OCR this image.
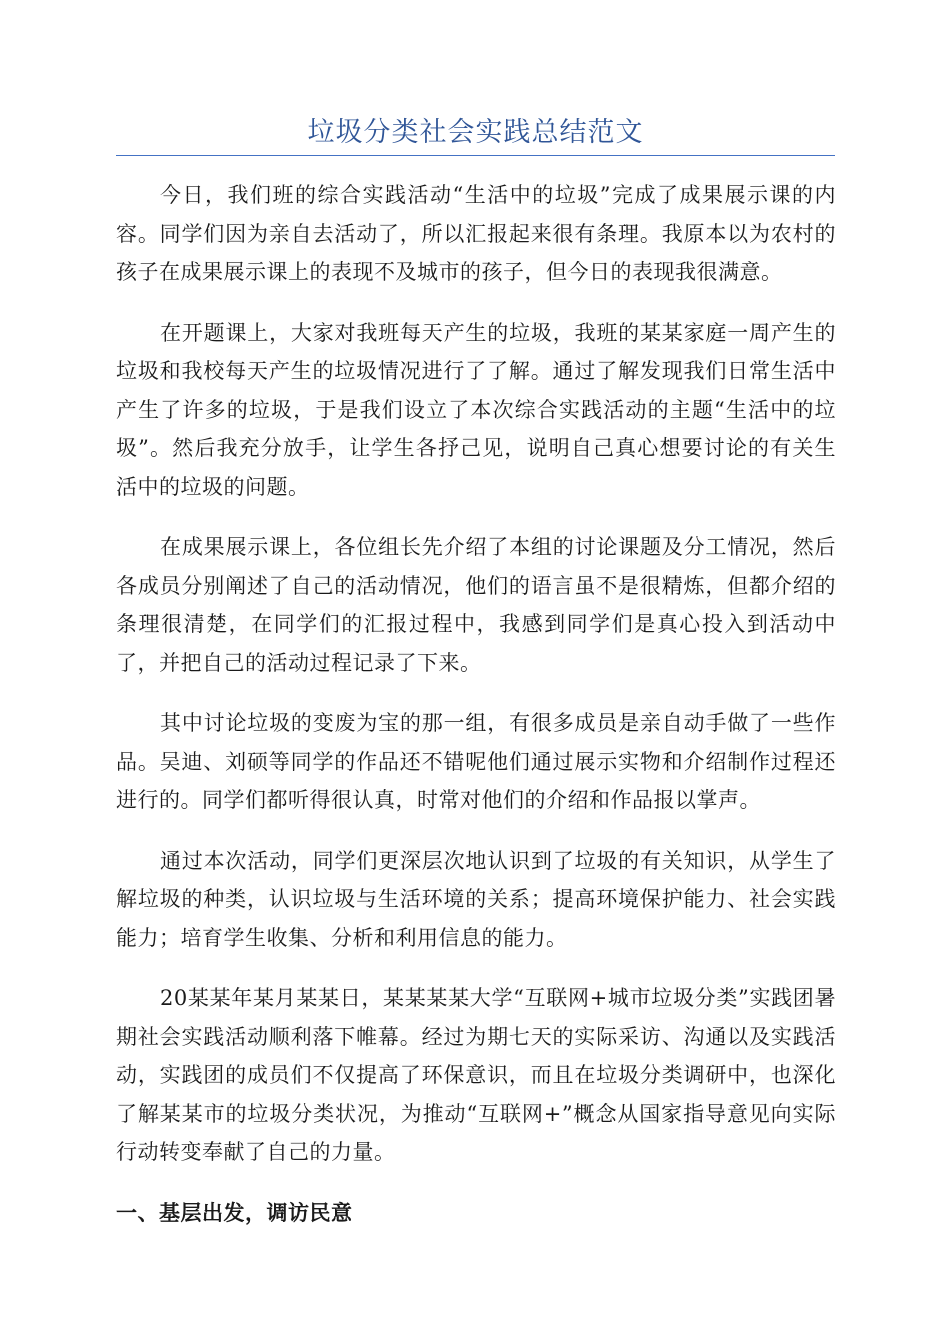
垃圾分类社会实践总结范文

今日，我们班的综合实践活动“生活中的垃圾”完成了成果展示课的内容。同学们因为亲自去活动了，所以汇报起来很有条理。我原本以为农村的孩子在成果展示课上的表现不及城市的孩子，但今日的表现我很满意。

在开题课上，大家对我班每天产生的垃圾，我班的某某家庭一周产生的垃圾和我校每天产生的垃圾情况进行了了解。通过了解发现我们日常生活中产生了许多的垃圾，于是我们设立了本次综合实践活动的主题“生活中的垃圾”。然后我充分放手，让学生各抒己见，说明自己真心想要讨论的有关生活中的垃圾的问题。

在成果展示课上，各位组长先介绍了本组的讨论课题及分工情况，然后各成员分别阐述了自己的活动情况，他们的语言虽不是很精炼，但都介绍的条理很清楚，在同学们的汇报过程中，我感到同学们是真心投入到活动中了，并把自己的活动过程记录了下来。

其中讨论垃圾的变废为宝的那一组，有很多成员是亲自动手做了一些作品。吴迪、刘硕等同学的作品还不错呢他们通过展示实物和介绍制作过程还进行的。同学们都听得很认真，时常对他们的介绍和作品报以掌声。

通过本次活动，同学们更深层次地认识到了垃圾的有关知识，从学生了解垃圾的种类，认识垃圾与生活环境的关系；提高环境保护能力、社会实践能力；培育学生收集、分析和利用信息的能力。

20某某年某月某某日，某某某某大学“互联网+城市垃圾分类”实践团暑期社会实践活动顺利落下帷幕。经过为期七天的实际采访、沟通以及实践活动，实践团的成员们不仅提高了环保意识，而且在垃圾分类调研中，也深化了解某某市的垃圾分类状况，为推动“互联网+”概念从国家指导意见向实际行动转变奉献了自己的力量。

一、基层出发，调访民意
